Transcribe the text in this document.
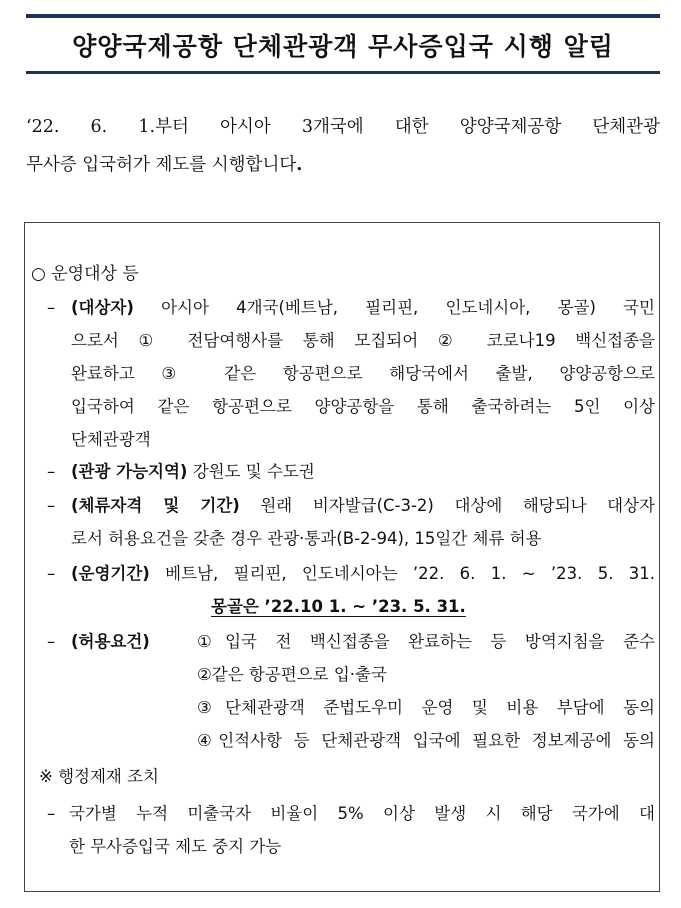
양양국제공항 단체관광객 무사증입국 시행 알림
‘22. 6. 1.부터 아시아 3개국에 대한 양양국제공항 단체관광
무사증 입국허가 제도를 시행합니다.
○ 운영대상 등
– (대상자) 아시아 4개국(베트남, 필리핀, 인도네시아, 몽골) 국민
으로서 ① 전담여행사를 통해 모집되어 ② 코로나19 백신접종을
완료하고 ③ 같은 항공편으로 해당국에서 출발, 양양공항으로
입국하여 같은 항공편으로 양양공항을 통해 출국하려는 5인 이상
단체관광객
– (관광 가능지역) 강원도 및 수도권
– (체류자격 및 기간) 원래 비자발급(C-3-2) 대상에 해당되나 대상자
로서 허용요건을 갖춘 경우 관광·통과(B-2-94), 15일간 체류 허용
– (운영기간) 베트남, 필리핀, 인도네시아는 ’22. 6. 1. ~ ’23. 5. 31.
몽골은 ’22.10 1. ~ ’23. 5. 31.
– (허용요건)	①입국 전 백신접종을 완료하는 등 방역지침을 준수
②같은 항공편으로 입·출국
③단체관광객 준법도우미 운영 및 비용 부담에 동의
④인적사항 등 단체관광객 입국에 필요한 정보제공에 동의
※ 행정제재 조치
– 국가별 누적 미출국자 비율이 5% 이상 발생 시 해당 국가에 대
한 무사증입국 제도 중지 가능
